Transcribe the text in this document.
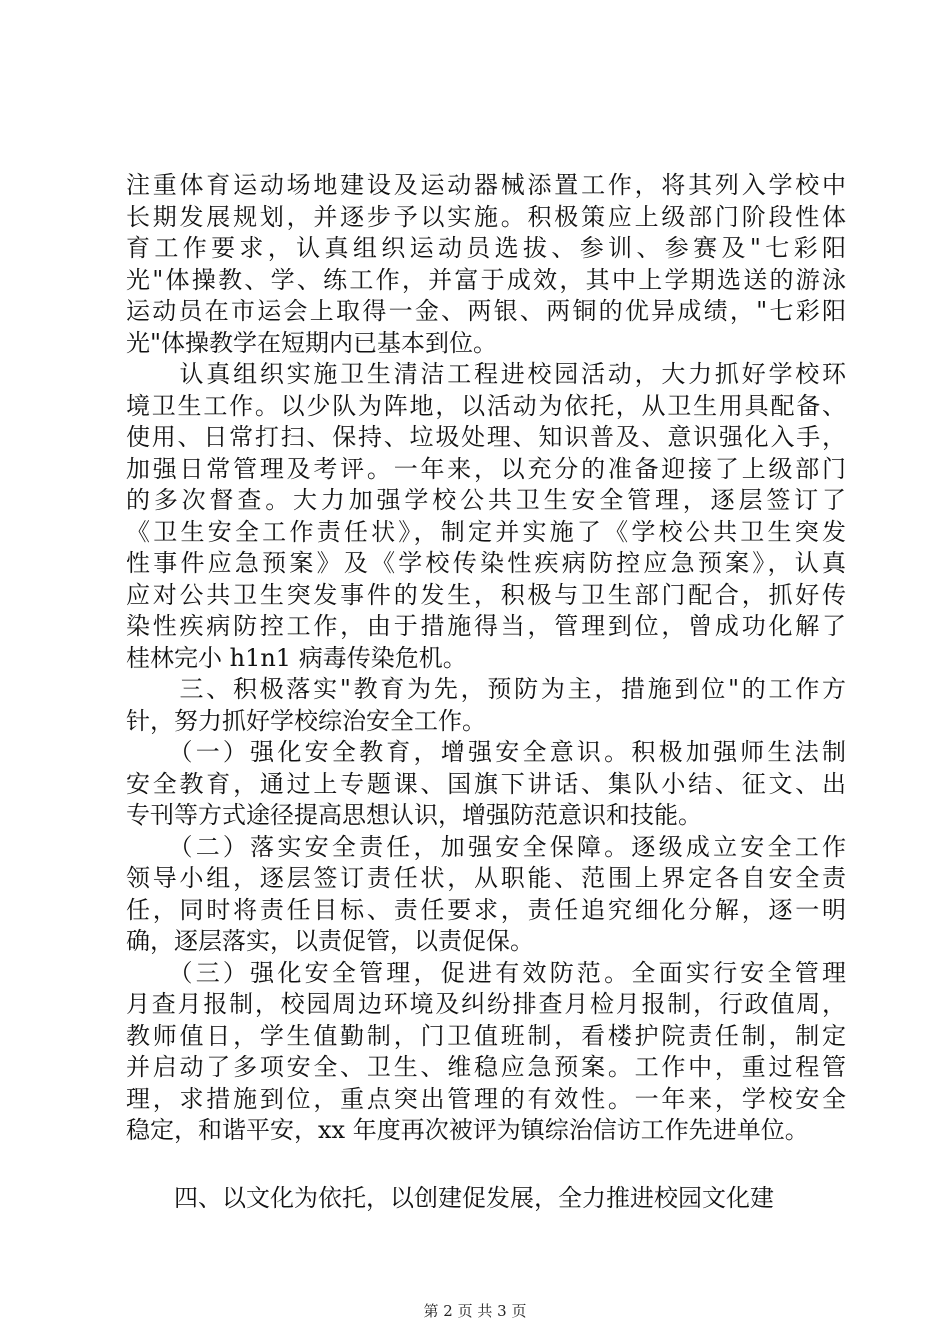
注重体育运动场地建设及运动器械添置工作，将其列入学校中
长期发展规划，并逐步予以实施。积极策应上级部门阶段性体
育工作要求，认真组织运动员选拔、参训、参赛及"七彩阳
光"体操教、学、练工作，并富于成效，其中上学期选送的游泳
运动员在市运会上取得一金、两银、两铜的优异成绩，"七彩阳
光"体操教学在短期内已基本到位。
　　认真组织实施卫生清洁工程进校园活动，大力抓好学校环
境卫生工作。以少队为阵地，以活动为依托，从卫生用具配备、
使用、日常打扫、保持、垃圾处理、知识普及、意识强化入手，
加强日常管理及考评。一年来，以充分的准备迎接了上级部门
的多次督查。大力加强学校公共卫生安全管理，逐层签订了
《卫生安全工作责任状》，制定并实施了《学校公共卫生突发
性事件应急预案》及《学校传染性疾病防控应急预案》，认真
应对公共卫生突发事件的发生，积极与卫生部门配合，抓好传
染性疾病防控工作，由于措施得当，管理到位，曾成功化解了
桂林完小 h1n1 病毒传染危机。
　　三、积极落实"教育为先，预防为主，措施到位"的工作方
针，努力抓好学校综治安全工作。
　　（一）强化安全教育，增强安全意识。积极加强师生法制
安全教育，通过上专题课、国旗下讲话、集队小结、征文、出
专刊等方式途径提高思想认识，增强防范意识和技能。
　　（二）落实安全责任，加强安全保障。逐级成立安全工作
领导小组，逐层签订责任状，从职能、范围上界定各自安全责
任，同时将责任目标、责任要求，责任追究细化分解，逐一明
确，逐层落实，以责促管，以责促保。
　　（三）强化安全管理，促进有效防范。全面实行安全管理
月查月报制，校园周边环境及纠纷排查月检月报制，行政值周，
教师值日，学生值勤制，门卫值班制，看楼护院责任制，制定
并启动了多项安全、卫生、维稳应急预案。工作中，重过程管
理，求措施到位，重点突出管理的有效性。一年来，学校安全
稳定，和谐平安，xx 年度再次被评为镇综治信访工作先进单位。
　　四、以文化为依托，以创建促发展，全力推进校园文化建
第 2 页 共 3 页
